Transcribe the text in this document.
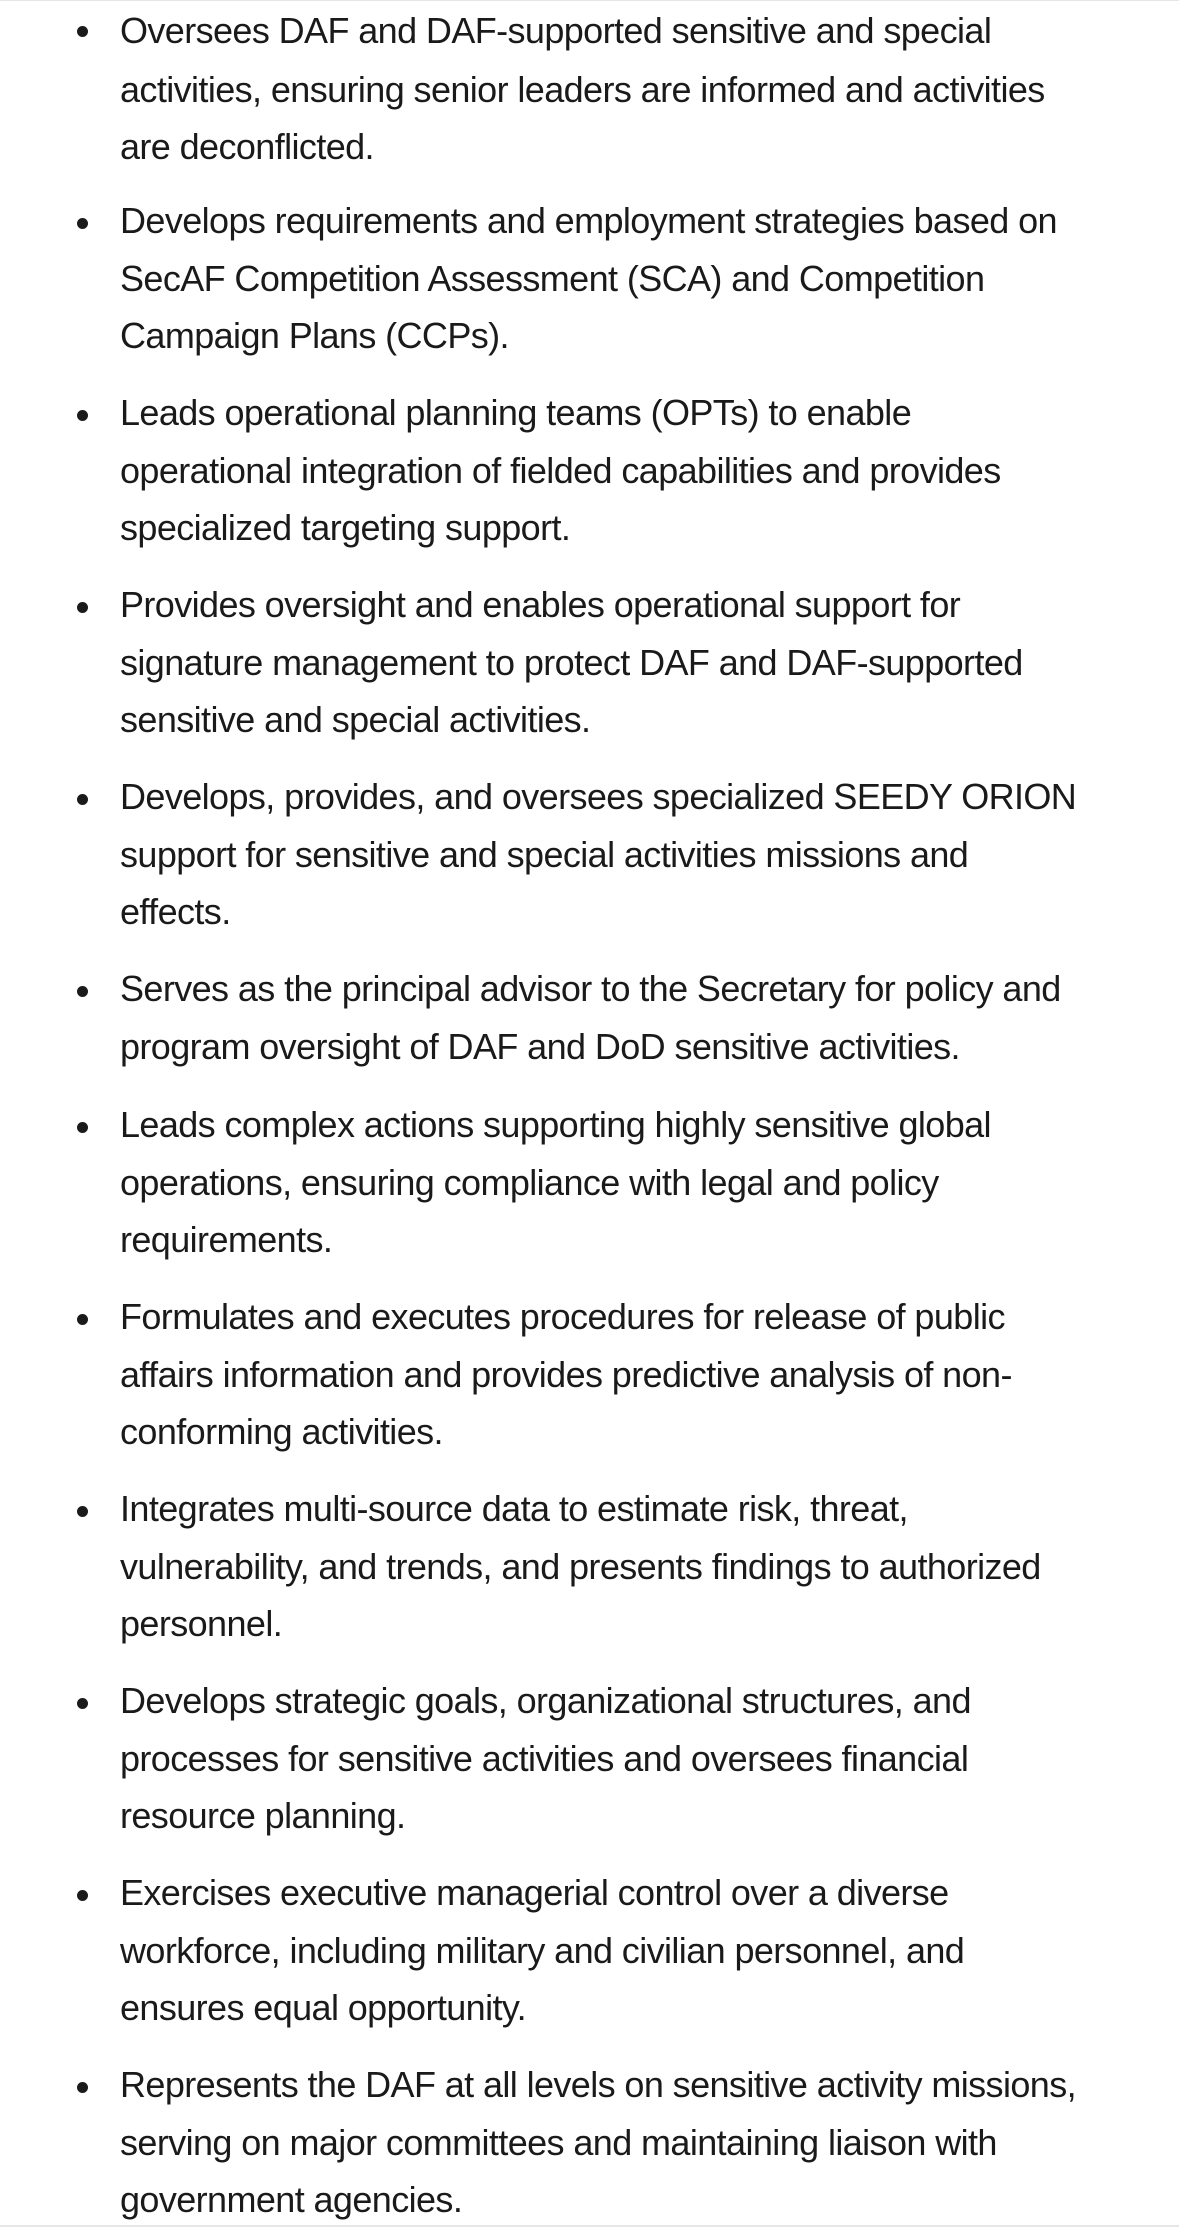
Oversees DAF and DAF-supported sensitive and special
activities, ensuring senior leaders are informed and activities
are deconflicted.
Develops requirements and employment strategies based on
SecAF Competition Assessment (SCA) and Competition
Campaign Plans (CCPs).
Leads operational planning teams (OPTs) to enable
operational integration of fielded capabilities and provides
specialized targeting support.
Provides oversight and enables operational support for
signature management to protect DAF and DAF-supported
sensitive and special activities.
Develops, provides, and oversees specialized SEEDY ORION
support for sensitive and special activities missions and
effects.
Serves as the principal advisor to the Secretary for policy and
program oversight of DAF and DoD sensitive activities.
Leads complex actions supporting highly sensitive global
operations, ensuring compliance with legal and policy
requirements.
Formulates and executes procedures for release of public
affairs information and provides predictive analysis of non-
conforming activities.
Integrates multi-source data to estimate risk, threat,
vulnerability, and trends, and presents findings to authorized
personnel.
Develops strategic goals, organizational structures, and
processes for sensitive activities and oversees financial
resource planning.
Exercises executive managerial control over a diverse
workforce, including military and civilian personnel, and
ensures equal opportunity.
Represents the DAF at all levels on sensitive activity missions,
serving on major committees and maintaining liaison with
government agencies.
